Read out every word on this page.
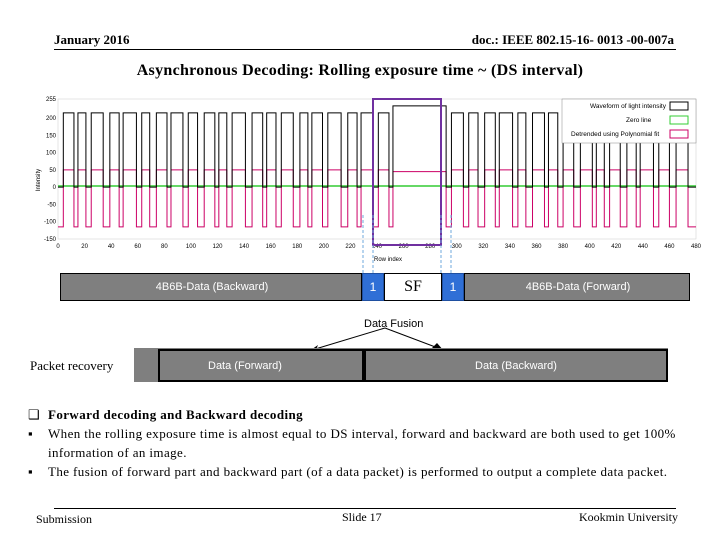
January 2016	doc.: IEEE 802.15-16- 0013 -00-007a
Asynchronous Decoding: Rolling exposure time ~ (DS interval)
Intensity
255
200
150
100
50
0
-50
-100
-150
0	20	40	60	80	100	120	140	160	180	200	220	240	260	280	300	320	340	360	380	400	420	440	460	480
Row index
Waveform of light intensity
Zero line
Detrended using Polynomial fit
4B6B-Data (Backward)	1	SF	1	4B6B-Data (Forward)
Data Fusion
Packet recovery	Data (Forward)	Data (Backward)
❑ Forward decoding and Backward decoding
▪ When the rolling exposure time is almost equal to DS interval, forward and backward are both used to get 100% information of an image.
▪ The fusion of forward part and backward part (of a data packet) is performed to output a complete data packet.
Submission	Slide 17	Kookmin University
